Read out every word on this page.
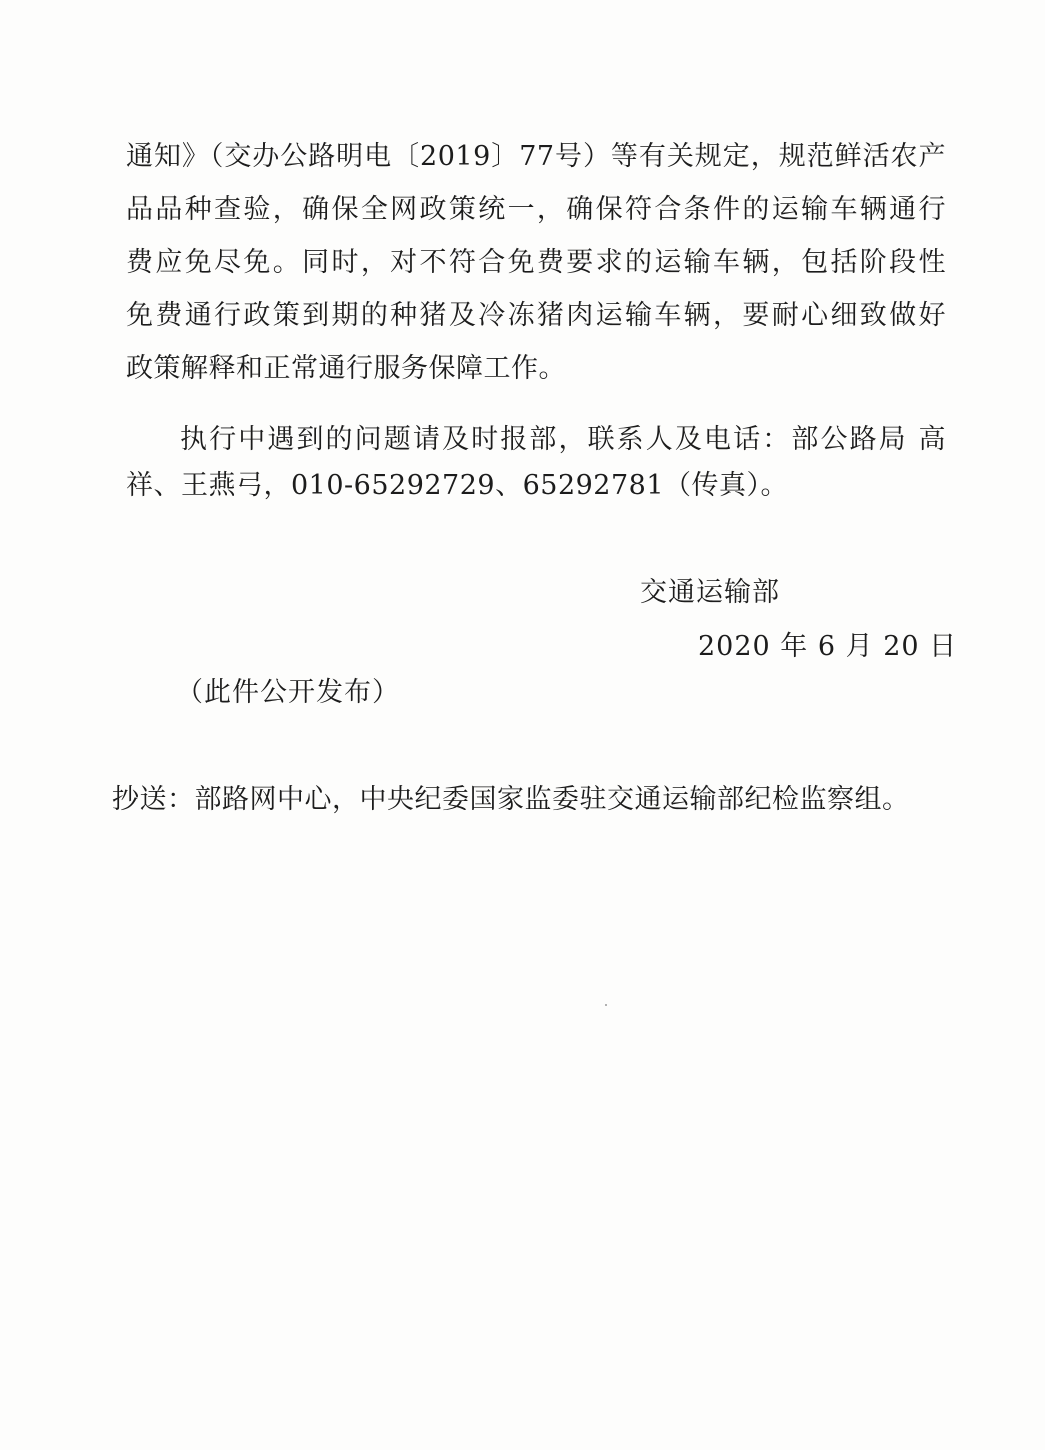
通知》（交办公路明电〔2019〕77号）等有关规定，规范鲜活农产
品品种查验，确保全网政策统一，确保符合条件的运输车辆通行
费应免尽免。同时，对不符合免费要求的运输车辆，包括阶段性
免费通行政策到期的种猪及冷冻猪肉运输车辆，要耐心细致做好
政策解释和正常通行服务保障工作。
执行中遇到的问题请及时报部，联系人及电话：部公路局 高
祥、王燕弓，010-65292729、65292781（传真）。
交通运输部
2020 年 6 月 20 日
（此件公开发布）
抄送：部路网中心，中央纪委国家监委驻交通运输部纪检监察组。
